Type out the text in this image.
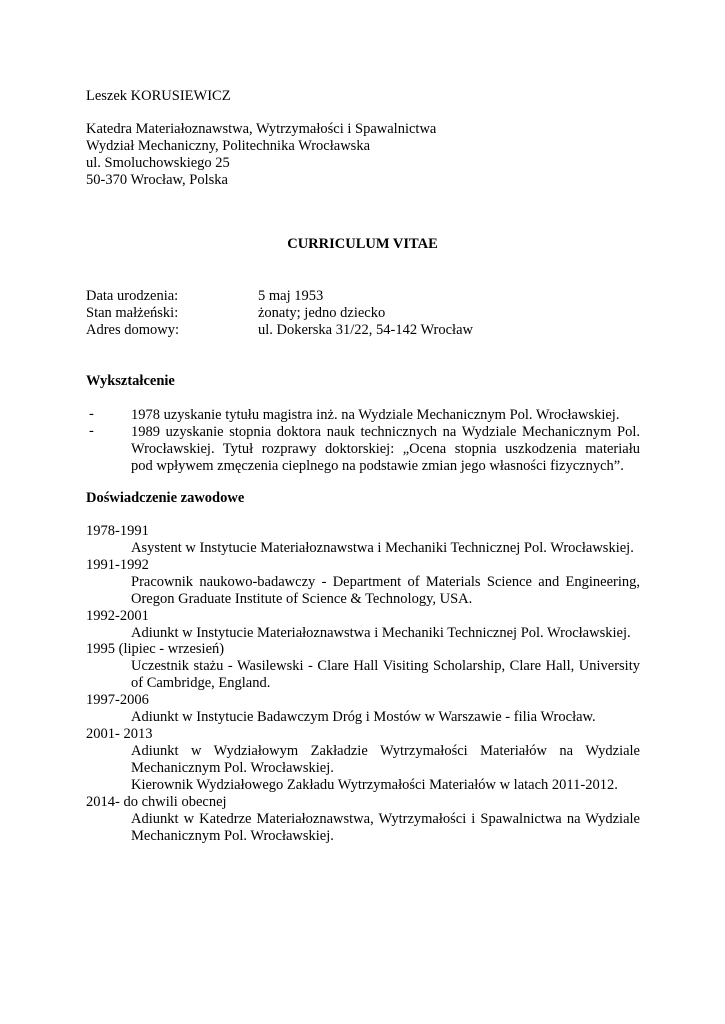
Leszek KORUSIEWICZ
Katedra Materiałoznawstwa, Wytrzymałości i Spawalnictwa
Wydział Mechaniczny, Politechnika Wrocławska
ul. Smoluchowskiego 25
50-370 Wrocław, Polska
CURRICULUM VITAE
Data urodzenia:	5 maj 1953
Stan małżeński:	żonaty; jedno dziecko
Adres domowy:	ul. Dokerska 31/22, 54-142 Wrocław
Wykształcenie
-	1978 uzyskanie tytułu magistra inż. na Wydziale Mechanicznym Pol. Wrocławskiej.
-	1989 uzyskanie stopnia doktora nauk technicznych na Wydziale Mechanicznym Pol.
Wrocławskiej. Tytuł rozprawy doktorskiej: „Ocena stopnia uszkodzenia materiału
pod wpływem zmęczenia cieplnego na podstawie zmian jego własności fizycznych”.
Doświadczenie zawodowe
1978-1991
Asystent w Instytucie Materiałoznawstwa i Mechaniki Technicznej Pol. Wrocławskiej.
1991-1992
Pracownik naukowo-badawczy - Department of Materials Science and Engineering,
Oregon Graduate Institute of Science & Technology, USA.
1992-2001
Adiunkt w Instytucie Materiałoznawstwa i Mechaniki Technicznej Pol. Wrocławskiej.
1995 (lipiec - wrzesień)
Uczestnik stażu - Wasilewski - Clare Hall Visiting Scholarship, Clare Hall, University
of Cambridge, England.
1997-2006
Adiunkt w Instytucie Badawczym Dróg i Mostów w Warszawie - filia Wrocław.
2001- 2013
Adiunkt w Wydziałowym Zakładzie Wytrzymałości Materiałów na Wydziale
Mechanicznym Pol. Wrocławskiej.
Kierownik Wydziałowego Zakładu Wytrzymałości Materiałów w latach 2011-2012.
2014- do chwili obecnej
Adiunkt w Katedrze Materiałoznawstwa, Wytrzymałości i Spawalnictwa na Wydziale
Mechanicznym Pol. Wrocławskiej.
